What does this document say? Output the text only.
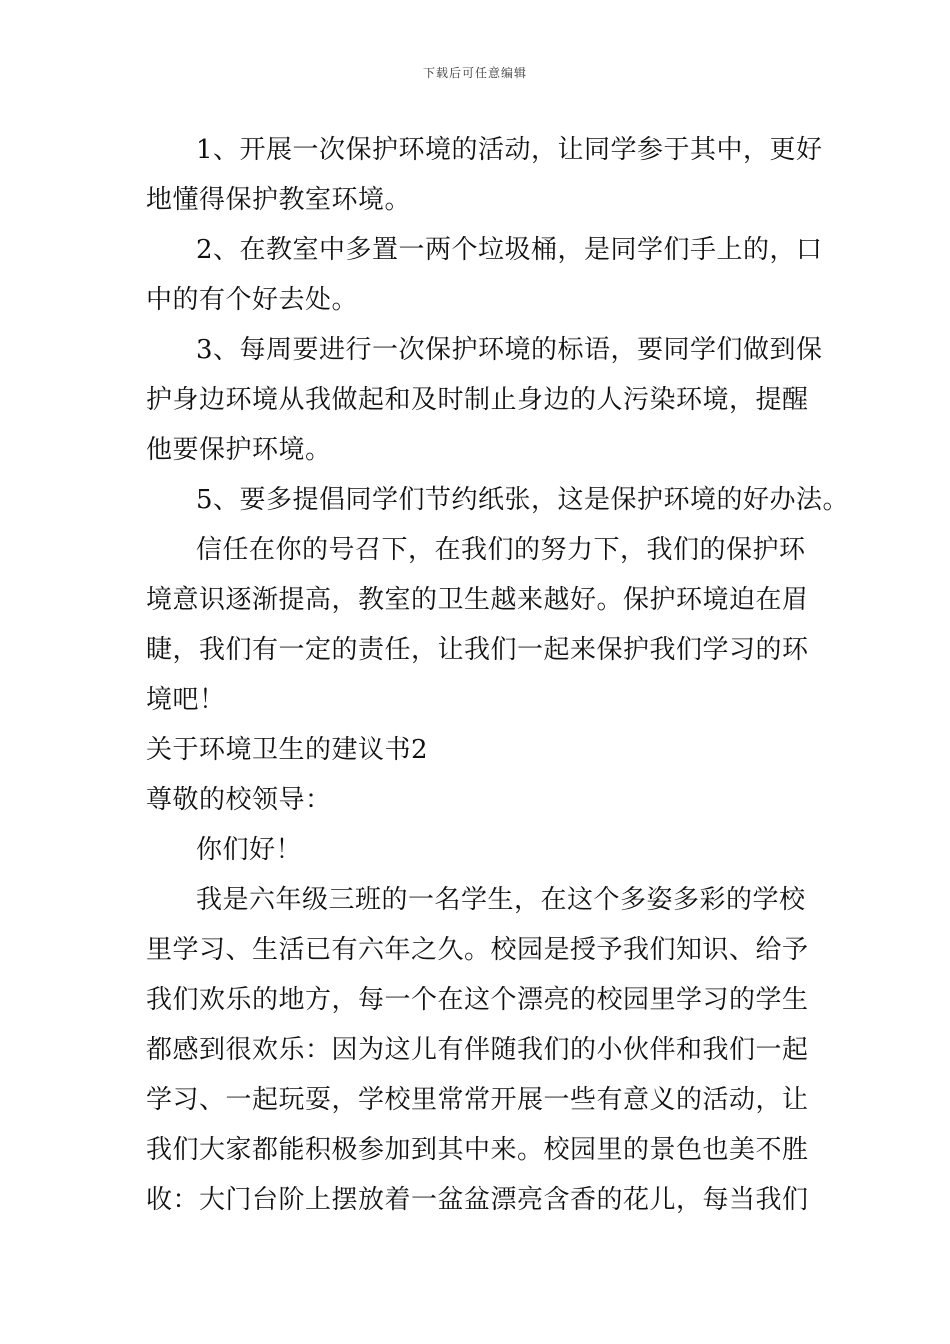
下载后可任意编辑
1、开展一次保护环境的活动，让同学参于其中，更好
地懂得保护教室环境。
2、在教室中多置一两个垃圾桶，是同学们手上的，口
中的有个好去处。
3、每周要进行一次保护环境的标语，要同学们做到保
护身边环境从我做起和及时制止身边的人污染环境，提醒
他要保护环境。
5、要多提倡同学们节约纸张，这是保护环境的好办法。
信任在你的号召下，在我们的努力下，我们的保护环
境意识逐渐提高，教室的卫生越来越好。保护环境迫在眉
睫，我们有一定的责任，让我们一起来保护我们学习的环
境吧！
关于环境卫生的建议书2
尊敬的校领导：
你们好！
我是六年级三班的一名学生，在这个多姿多彩的学校
里学习、生活已有六年之久。校园是授予我们知识、给予
我们欢乐的地方，每一个在这个漂亮的校园里学习的学生
都感到很欢乐：因为这儿有伴随我们的小伙伴和我们一起
学习、一起玩耍，学校里常常开展一些有意义的活动，让
我们大家都能积极参加到其中来。校园里的景色也美不胜
收：大门台阶上摆放着一盆盆漂亮含香的花儿，每当我们
